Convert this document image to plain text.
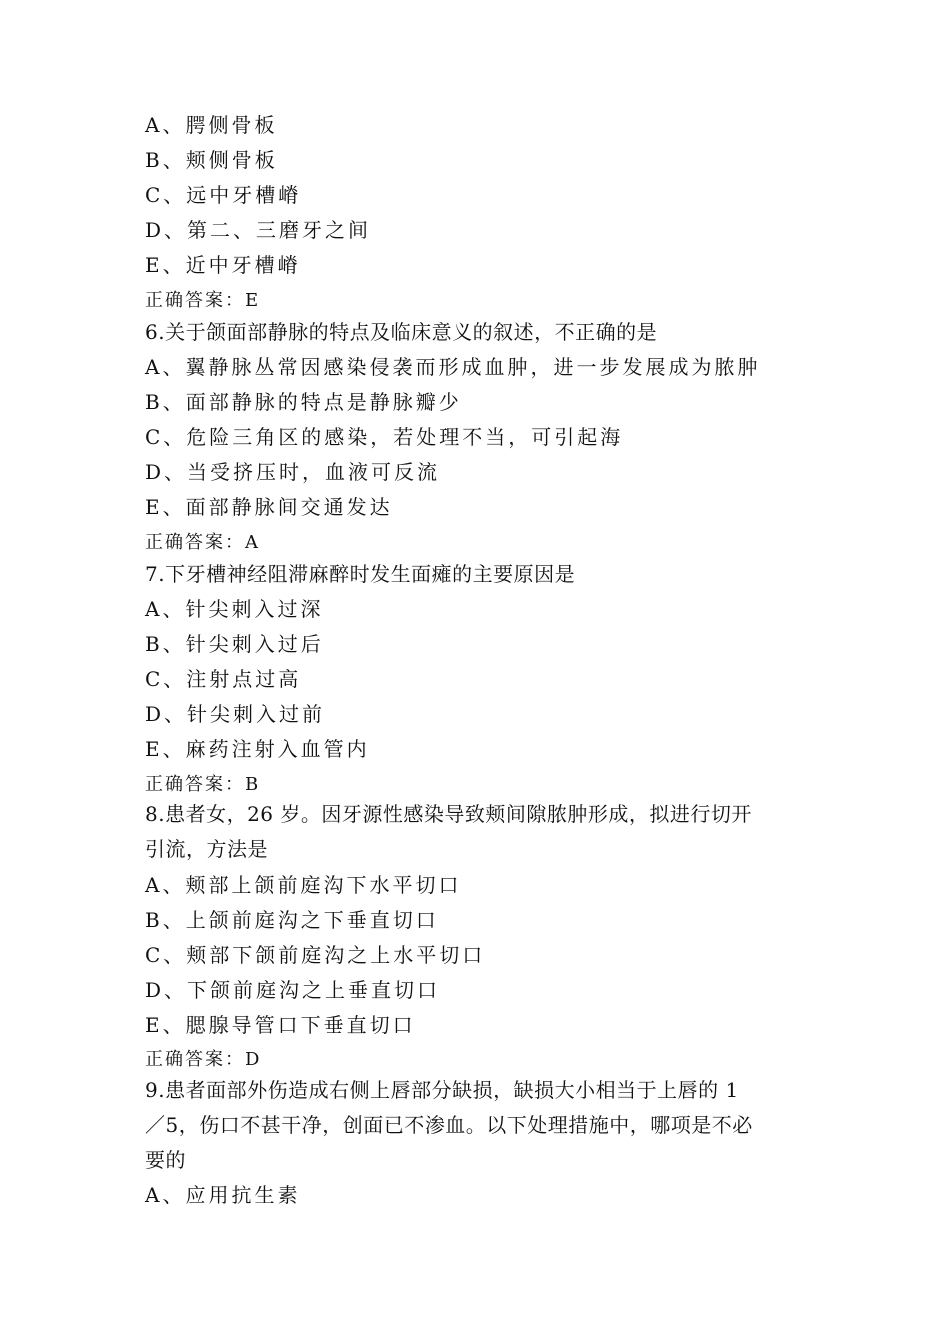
A、腭侧骨板
B、颊侧骨板
C、远中牙槽嵴
D、第二、三磨牙之间
E、近中牙槽嵴
正确答案：E
6.关于颌面部静脉的特点及临床意义的叙述，不正确的是
A、翼静脉丛常因感染侵袭而形成血肿，进一步发展成为脓肿
B、面部静脉的特点是静脉瓣少
C、危险三角区的感染，若处理不当，可引起海
D、当受挤压时，血液可反流
E、面部静脉间交通发达
正确答案：A
7.下牙槽神经阻滞麻醉时发生面瘫的主要原因是
A、针尖刺入过深
B、针尖刺入过后
C、注射点过高
D、针尖刺入过前
E、麻药注射入血管内
正确答案：B
8.患者女，26 岁。因牙源性感染导致颊间隙脓肿形成，拟进行切开
引流，方法是
A、颊部上颌前庭沟下水平切口
B、上颌前庭沟之下垂直切口
C、颊部下颌前庭沟之上水平切口
D、下颌前庭沟之上垂直切口
E、腮腺导管口下垂直切口
正确答案：D
9.患者面部外伤造成右侧上唇部分缺损，缺损大小相当于上唇的 1
／5，伤口不甚干净，创面已不渗血。以下处理措施中，哪项是不必
要的
A、应用抗生素
